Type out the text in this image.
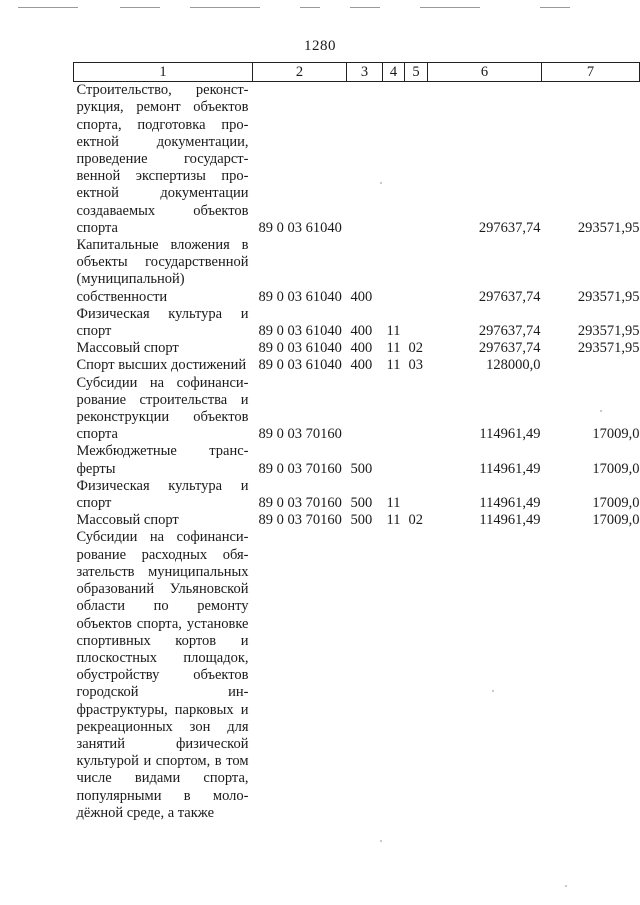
1280
1	2	3	4	5	6	7
Строительство, реконструкция, ремонт объектов спорта, подготовка проектной документации, проведение государственной экспертизы проектной документации создаваемых объектов спорта	89 0 03 61040				297637,74	293571,95
Капитальные вложения в объекты государственной (муниципальной) собственности	89 0 03 61040	400			297637,74	293571,95
Физическая культура и спорт	89 0 03 61040	400	11		297637,74	293571,95
Массовый спорт	89 0 03 61040	400	11	02	297637,74	293571,95
Спорт высших достижений	89 0 03 61040	400	11	03	128000,0	
Субсидии на софинансирование строительства и реконструкции объектов спорта	89 0 03 70160				114961,49	17009,0
Межбюджетные трансферты	89 0 03 70160	500			114961,49	17009,0
Физическая культура и спорт	89 0 03 70160	500	11		114961,49	17009,0
Массовый спорт	89 0 03 70160	500	11	02	114961,49	17009,0
Субсидии на софинансирование расходных обязательств муниципальных образований Ульяновской области по ремонту объектов спорта, установке спортивных кортов и плоскостных площадок, обустройству объектов городской инфраструктуры, парковых и рекреационных зон для занятий физической культурой и спортом, в том числе видами спорта, популярными в молодёжной среде, а также						
